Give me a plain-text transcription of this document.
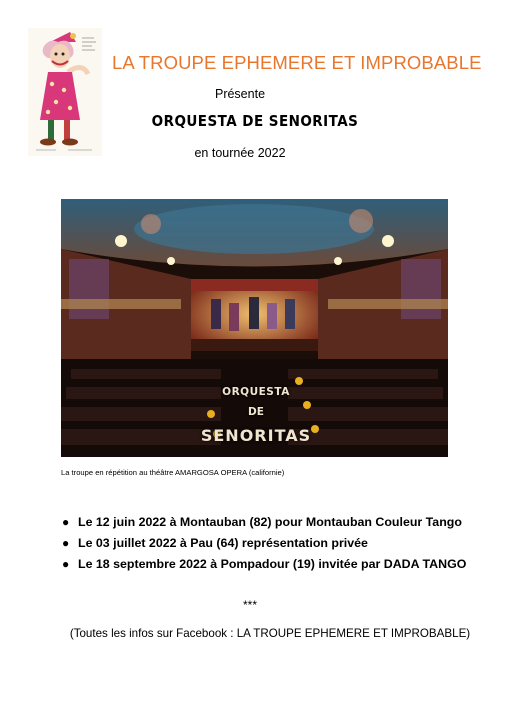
LA TROUPE EPHEMERE ET IMPROBABLE
Présente
ORQUESTA DE SENORITAS
en tournée 2022
ORQUESTA
DE
SENORITAS
La troupe en répétition au théâtre AMARGOSA OPERA (californie)
● Le 12 juin 2022 à Montauban (82) pour Montauban Couleur Tango
● Le 03 juillet 2022 à Pau (64) représentation privée
● Le 18 septembre 2022 à Pompadour (19) invitée par DADA TANGO
***
(Toutes les infos sur Facebook : LA TROUPE EPHEMERE ET IMPROBABLE)
